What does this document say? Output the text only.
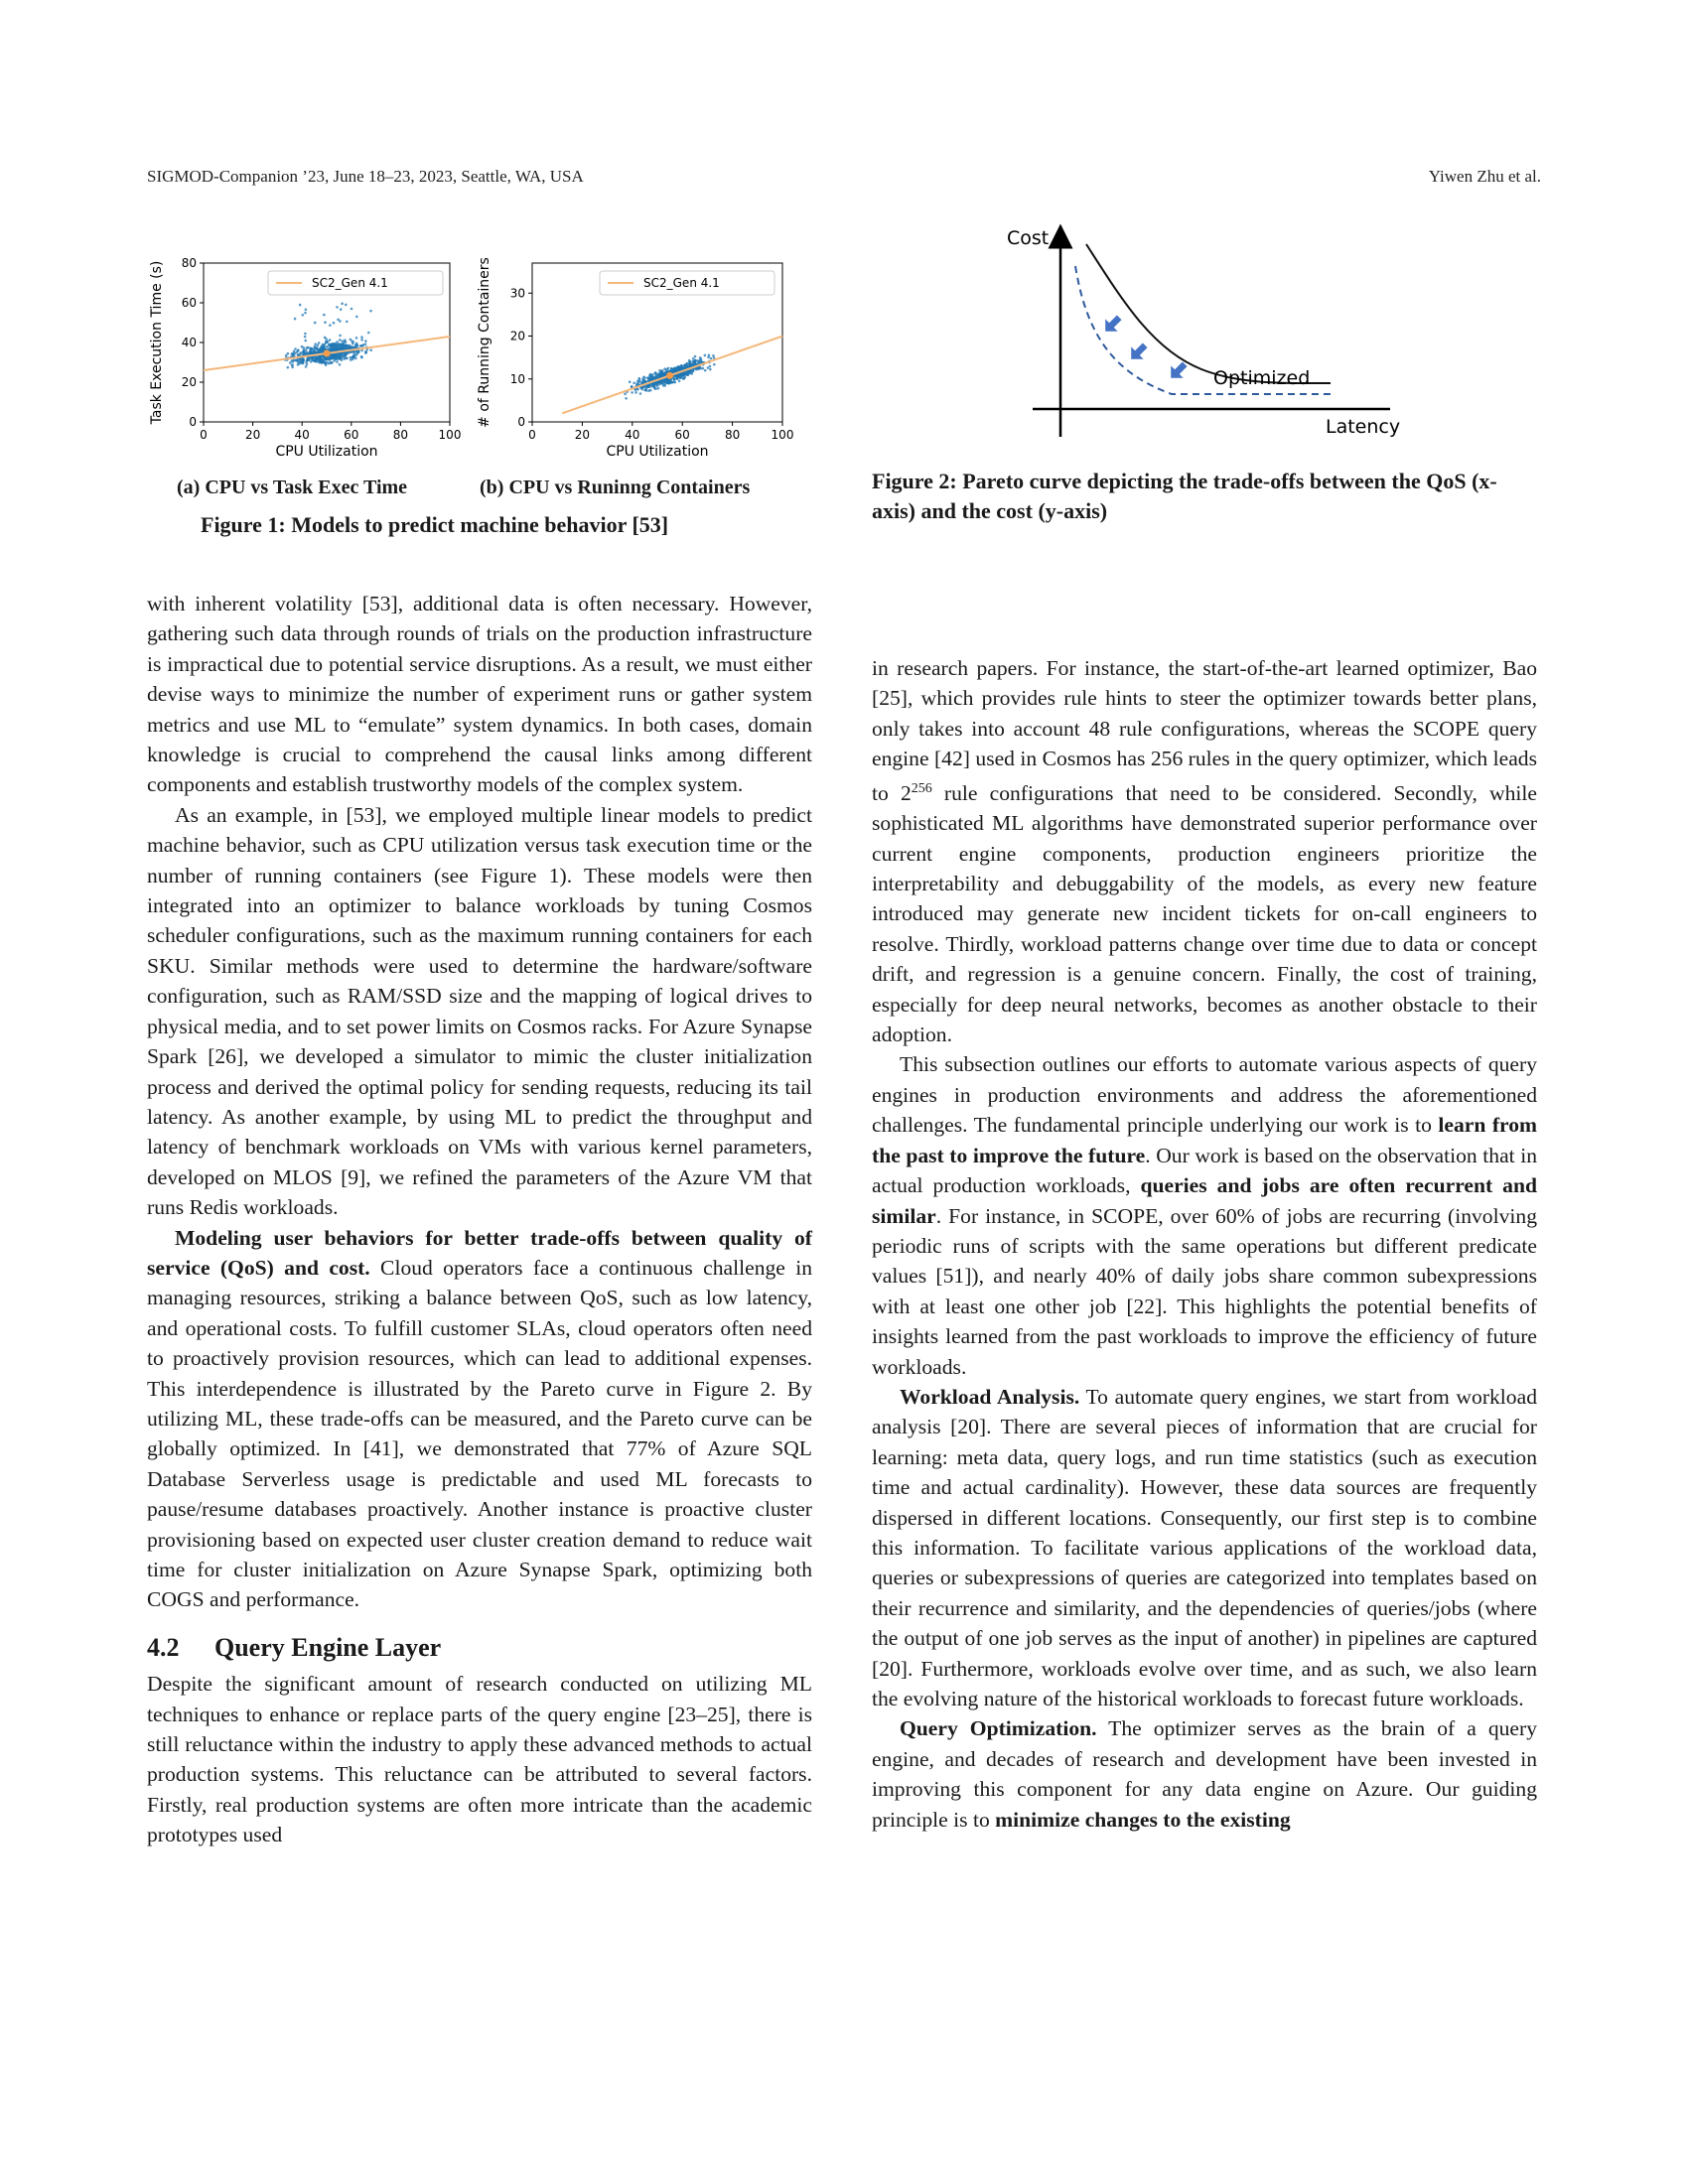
SIGMOD-Companion ’23, June 18–23, 2023, Seattle, WA, USA	Yiwen Zhu et al.
0	20	40	60	80	100
0
20
40
60
80
CPU Utilization
Task Execution Time (s)	SC2_Gen 4.1
0	20	40	60	80	100
0
10
20
30
CPU Utilization
# of Running Containers	SC2_Gen 4.1
(a) CPU vs Task Exec Time	(b) CPU vs Runinng Containers
Figure 1: Models to predict machine behavior [53]
Cost
Latency
Optimized
Figure 2: Pareto curve depicting the trade-offs between the QoS (x-axis) and the cost (y-axis)

with inherent volatility [53], additional data is often necessary. However, gathering such data through rounds of trials on the production infrastructure is impractical due to potential service disruptions. As a result, we must either devise ways to minimize the number of experiment runs or gather system metrics and use ML to “emulate” system dynamics. In both cases, domain knowledge is crucial to comprehend the causal links among different components and establish trustworthy models of the complex system.

As an example, in [53], we employed multiple linear models to predict machine behavior, such as CPU utilization versus task execution time or the number of running containers (see Figure 1). These models were then integrated into an optimizer to balance workloads by tuning Cosmos scheduler configurations, such as the maximum running containers for each SKU. Similar methods were used to determine the hardware/software configuration, such as RAM/SSD size and the mapping of logical drives to physical media, and to set power limits on Cosmos racks. For Azure Synapse Spark [26], we developed a simulator to mimic the cluster initialization process and derived the optimal policy for sending requests, reducing its tail latency. As another example, by using ML to predict the throughput and latency of benchmark workloads on VMs with various kernel parameters, developed on MLOS [9], we refined the parameters of the Azure VM that runs Redis workloads.

Modeling user behaviors for better trade-offs between quality of service (QoS) and cost. Cloud operators face a continuous challenge in managing resources, striking a balance between QoS, such as low latency, and operational costs. To fulfill customer SLAs, cloud operators often need to proactively provision resources, which can lead to additional expenses. This interdependence is illustrated by the Pareto curve in Figure 2. By utilizing ML, these trade-offs can be measured, and the Pareto curve can be globally optimized. In [41], we demonstrated that 77% of Azure SQL Database Serverless usage is predictable and used ML forecasts to pause/resume databases proactively. Another instance is proactive cluster provisioning based on expected user cluster creation demand to reduce wait time for cluster initialization on Azure Synapse Spark, optimizing both COGS and performance.

4.2 Query Engine Layer

Despite the significant amount of research conducted on utilizing ML techniques to enhance or replace parts of the query engine [23–25], there is still reluctance within the industry to apply these advanced methods to actual production systems. This reluctance can be attributed to several factors. Firstly, real production systems are often more intricate than the academic prototypes used

in research papers. For instance, the start-of-the-art learned optimizer, Bao [25], which provides rule hints to steer the optimizer towards better plans, only takes into account 48 rule configurations, whereas the SCOPE query engine [42] used in Cosmos has 256 rules in the query optimizer, which leads to $2^{256}$ rule configurations that need to be considered. Secondly, while sophisticated ML algorithms have demonstrated superior performance over current engine components, production engineers prioritize the interpretability and debuggability of the models, as every new feature introduced may generate new incident tickets for on-call engineers to resolve. Thirdly, workload patterns change over time due to data or concept drift, and regression is a genuine concern. Finally, the cost of training, especially for deep neural networks, becomes as another obstacle to their adoption.

This subsection outlines our efforts to automate various aspects of query engines in production environments and address the aforementioned challenges. The fundamental principle underlying our work is to learn from the past to improve the future. Our work is based on the observation that in actual production workloads, queries and jobs are often recurrent and similar. For instance, in SCOPE, over 60% of jobs are recurring (involving periodic runs of scripts with the same operations but different predicate values [51]), and nearly 40% of daily jobs share common subexpressions with at least one other job [22]. This highlights the potential benefits of insights learned from the past workloads to improve the efficiency of future workloads.

Workload Analysis. To automate query engines, we start from workload analysis [20]. There are several pieces of information that are crucial for learning: meta data, query logs, and run time statistics (such as execution time and actual cardinality). However, these data sources are frequently dispersed in different locations. Consequently, our first step is to combine this information. To facilitate various applications of the workload data, queries or subexpressions of queries are categorized into templates based on their recurrence and similarity, and the dependencies of queries/jobs (where the output of one job serves as the input of another) in pipelines are captured [20]. Furthermore, workloads evolve over time, and as such, we also learn the evolving nature of the historical workloads to forecast future workloads.

Query Optimization. The optimizer serves as the brain of a query engine, and decades of research and development have been invested in improving this component for any data engine on Azure. Our guiding principle is to minimize changes to the existing
